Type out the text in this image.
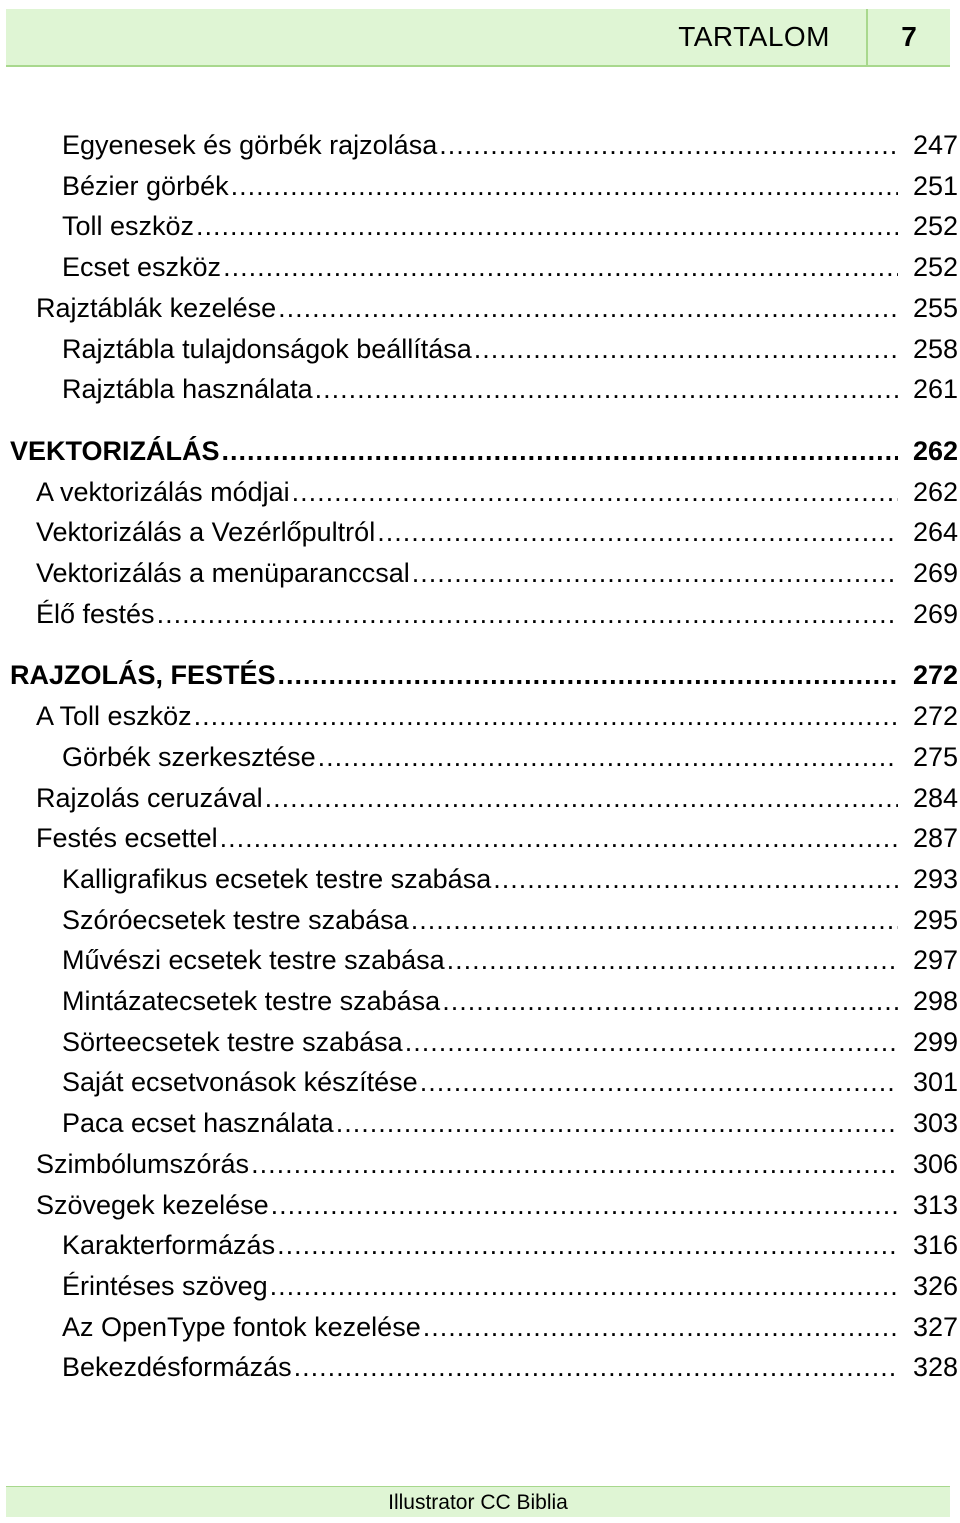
TARTALOM	7
Egyenesek és görbék rajzolása .....	247
Bézier görbék .....	251
Toll eszköz .....	252
Ecset eszköz .....	252
Rajztáblák kezelése .....	255
Rajztábla tulajdonságok beállítása .....	258
Rajztábla használata .....	261
VEKTORIZÁLÁS .....	262
A vektorizálás módjai .....	262
Vektorizálás a Vezérlőpultról .....	264
Vektorizálás a menüparanccsal .....	269
Élő festés .....	269
RAJZOLÁS, FESTÉS .....	272
A Toll eszköz .....	272
Görbék szerkesztése .....	275
Rajzolás ceruzával .....	284
Festés ecsettel .....	287
Kalligrafikus ecsetek testre szabása .....	293
Szóróecsetek testre szabása .....	295
Művészi ecsetek testre szabása .....	297
Mintázatecsetek testre szabása .....	298
Sörteecsetek testre szabása .....	299
Saját ecsetvonások készítése .....	301
Paca ecset használata .....	303
Szimbólumszórás .....	306
Szövegek kezelése .....	313
Karakterformázás .....	316
Érintéses szöveg .....	326
Az OpenType fontok kezelése .....	327
Bekezdésformázás .....	328
Illustrator CC Biblia
